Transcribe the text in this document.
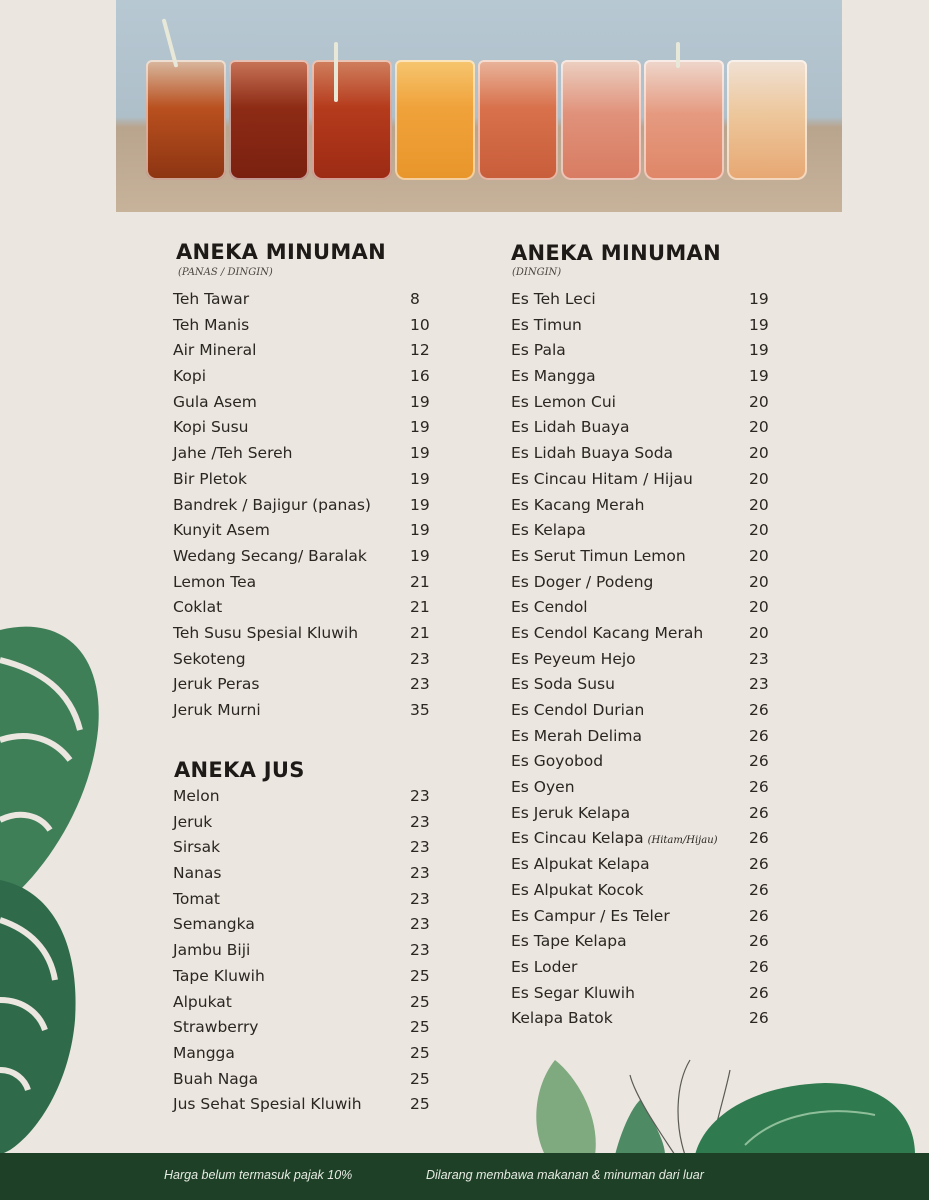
ANEKA MINUMAN
(PANAS / DINGIN)
Teh Tawar	8
Teh Manis	10
Air Mineral	12
Kopi	16
Gula Asem	19
Kopi Susu	19
Jahe /Teh Sereh	19
Bir Pletok	19
Bandrek / Bajigur (panas)	19
Kunyit Asem	19
Wedang Secang/ Baralak	19
Lemon Tea	21
Coklat	21
Teh Susu Spesial Kluwih	21
Sekoteng	23
Jeruk Peras	23
Jeruk Murni	35
ANEKA JUS
Melon	23
Jeruk	23
Sirsak	23
Nanas	23
Tomat	23
Semangka	23
Jambu Biji	23
Tape Kluwih	25
Alpukat	25
Strawberry	25
Mangga	25
Buah Naga	25
Jus Sehat Spesial Kluwih	25
ANEKA MINUMAN
(DINGIN)
Es Teh Leci	19
Es Timun	19
Es Pala	19
Es Mangga	19
Es Lemon Cui	20
Es Lidah Buaya	20
Es Lidah Buaya Soda	20
Es Cincau Hitam / Hijau	20
Es Kacang Merah	20
Es Kelapa	20
Es Serut Timun Lemon	20
Es Doger / Podeng	20
Es Cendol	20
Es Cendol Kacang Merah	20
Es Peyeum Hejo	23
Es Soda Susu	23
Es Cendol Durian	26
Es Merah Delima	26
Es Goyobod	26
Es Oyen	26
Es Jeruk Kelapa	26
Es Cincau Kelapa (Hitam/Hijau) 26
Es Alpukat Kelapa	26
Es Alpukat Kocok	26
Es Campur / Es Teler	26
Es Tape Kelapa	26
Es Loder	26
Es Segar Kluwih	26
Kelapa Batok	26
Harga belum termasuk pajak 10%	Dilarang membawa makanan & minuman dari luar
